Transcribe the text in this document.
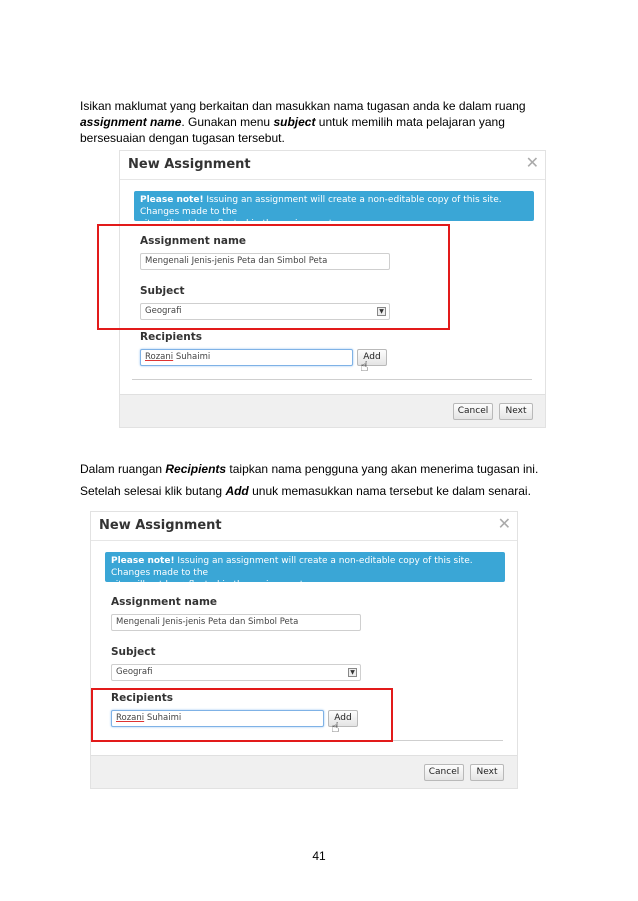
Isikan maklumat yang berkaitan dan masukkan nama tugasan anda ke dalam ruang
assignment name. Gunakan menu subject untuk memilih mata pelajaran yang
bersesuaian dengan tugasan tersebut.

New Assignment	✕
Please note! Issuing an assignment will create a non-editable copy of this site. Changes made to the
site will not be reflected in the assignment.
Assignment name
Mengenali Jenis-jenis Peta dan Simbol Peta
Subject
Geografi	▼
Recipients
Rozani Suhaimi	Add
☝
Cancel	Next

Dalam ruangan Recipients taipkan nama pengguna yang akan menerima tugasan ini.
Setelah selesai klik butang Add unuk memasukkan nama tersebut ke dalam senarai.

New Assignment	✕
Please note! Issuing an assignment will create a non-editable copy of this site. Changes made to the
site will not be reflected in the assignment.
Assignment name
Mengenali Jenis-jenis Peta dan Simbol Peta
Subject
Geografi	▼
Recipients
Rozani Suhaimi	Add
☝
Cancel	Next
41
